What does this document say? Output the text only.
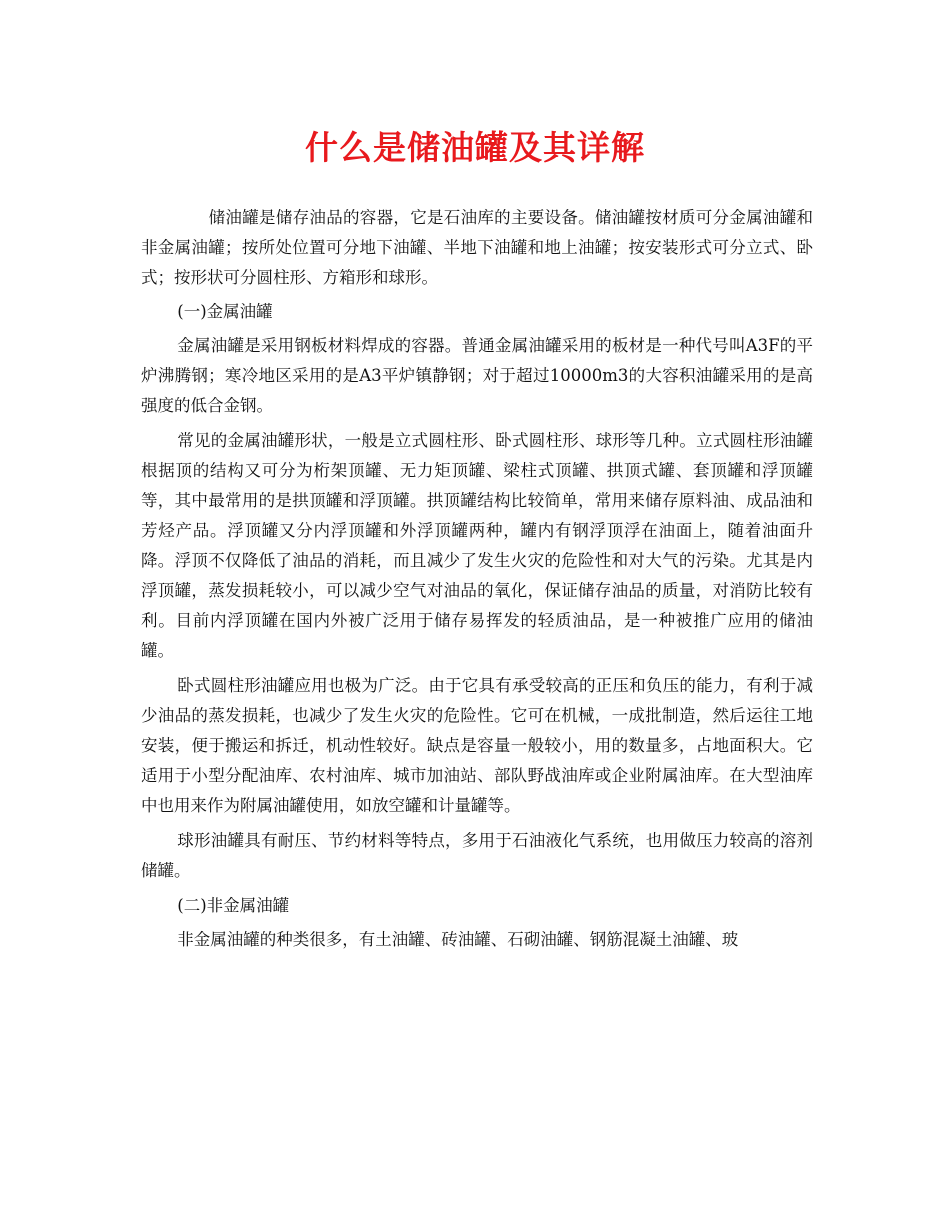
什么是储油罐及其详解

储油罐是储存油品的容器，它是石油库的主要设备。储油罐按材质可分金属油罐和非金属油罐；按所处位置可分地下油罐、半地下油罐和地上油罐；按安装形式可分立式、卧式；按形状可分圆柱形、方箱形和球形。

(一)金属油罐

金属油罐是采用钢板材料焊成的容器。普通金属油罐采用的板材是一种代号叫A3F的平炉沸腾钢；寒冷地区采用的是A3平炉镇静钢；对于超过10000m3的大容积油罐采用的是高强度的低合金钢。

常见的金属油罐形状，一般是立式圆柱形、卧式圆柱形、球形等几种。立式圆柱形油罐根据顶的结构又可分为桁架顶罐、无力矩顶罐、梁柱式顶罐、拱顶式罐、套顶罐和浮顶罐等，其中最常用的是拱顶罐和浮顶罐。拱顶罐结构比较简单，常用来储存原料油、成品油和芳烃产品。浮顶罐又分内浮顶罐和外浮顶罐两种，罐内有钢浮顶浮在油面上，随着油面升降。浮顶不仅降低了油品的消耗，而且减少了发生火灾的危险性和对大气的污染。尤其是内浮顶罐，蒸发损耗较小，可以减少空气对油品的氧化，保证储存油品的质量，对消防比较有利。目前内浮顶罐在国内外被广泛用于储存易挥发的轻质油品，是一种被推广应用的储油罐。

卧式圆柱形油罐应用也极为广泛。由于它具有承受较高的正压和负压的能力，有利于减少油品的蒸发损耗，也减少了发生火灾的危险性。它可在机械，一成批制造，然后运往工地安装，便于搬运和拆迁，机动性较好。缺点是容量一般较小，用的数量多，占地面积大。它适用于小型分配油库、农村油库、城市加油站、部队野战油库或企业附属油库。在大型油库中也用来作为附属油罐使用，如放空罐和计量罐等。

球形油罐具有耐压、节约材料等特点，多用于石油液化气系统，也用做压力较高的溶剂储罐。

(二)非金属油罐

非金属油罐的种类很多，有土油罐、砖油罐、石砌油罐、钢筋混凝土油罐、玻
